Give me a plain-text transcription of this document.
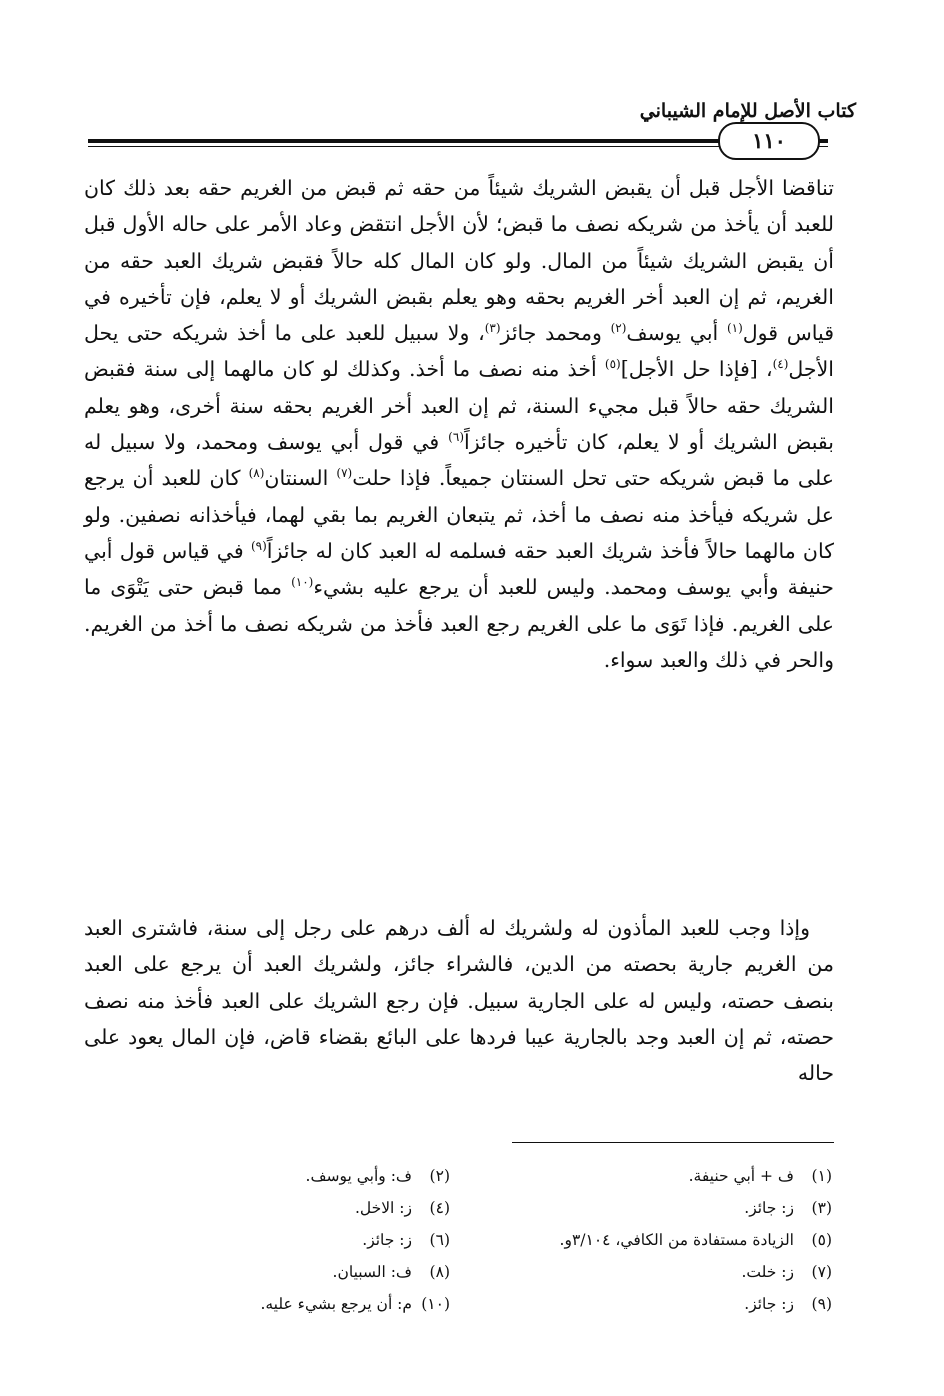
كتاب الأصل للإمام الشيباني
١١٠
تناقضا الأجل قبل أن يقبض الشريك شيئاً من حقه ثم قبض من الغريم حقه بعد ذلك كان للعبد أن يأخذ من شريكه نصف ما قبض؛ لأن الأجل انتقض وعاد الأمر على حاله الأول قبل أن يقبض الشريك شيئاً من المال. ولو كان المال كله حالاً فقبض شريك العبد حقه من الغريم، ثم إن العبد أخر الغريم بحقه وهو يعلم بقبض الشريك أو لا يعلم، فإن تأخيره في قياس قول$^{(١)}$ أبي يوسف$^{(٢)}$ ومحمد جائز$^{(٣)}$، ولا سبيل للعبد على ما أخذ شريكه حتى يحل الأجل$^{(٤)}$، [فإذا حل الأجل]$^{(٥)}$ أخذ منه نصف ما أخذ. وكذلك لو كان مالهما إلى سنة فقبض الشريك حقه حالاً قبل مجيء السنة، ثم إن العبد أخر الغريم بحقه سنة أخرى، وهو يعلم بقبض الشريك أو لا يعلم، كان تأخيره جائزاً$^{(٦)}$ في قول أبي يوسف ومحمد، ولا سبيل له على ما قبض شريكه حتى تحل السنتان جميعاً. فإذا حلت$^{(٧)}$ السنتان$^{(٨)}$ كان للعبد أن يرجع عل شريكه فيأخذ منه نصف ما أخذ، ثم يتبعان الغريم بما بقي لهما، فيأخذانه نصفين. ولو كان مالهما حالاً فأخذ شريك العبد حقه فسلمه له العبد كان له جائزاً$^{(٩)}$ في قياس قول أبي حنيفة وأبي يوسف ومحمد. وليس للعبد أن يرجع عليه بشيء$^{(١٠)}$ مما قبض حتى يَتْوَى ما على الغريم. فإذا تَوَى ما على الغريم رجع العبد فأخذ من شريكه نصف ما أخذ من الغريم. والحر في ذلك والعبد سواء.
وإذا وجب للعبد المأذون له ولشريك له ألف درهم على رجل إلى سنة، فاشترى العبد من الغريم جارية بحصته من الدين، فالشراء جائز، ولشريك العبد أن يرجع على العبد بنصف حصته، وليس له على الجارية سبيل. فإن رجع الشريك على العبد فأخذ منه نصف حصته، ثم إن العبد وجد بالجارية عيبا فردها على البائع بقضاء قاض، فإن المال يعود على حاله
(١)ف + أبي حنيفة.
(٣)ز: جائز.
(٥)الزيادة مستفادة من الكافي، ٣/١٠٤و.
(٧)ز: خلت.
(٩)ز: جائز.
(٢)ف: وأبي يوسف.
(٤)ز: الاخل.
(٦)ز: جائز.
(٨)ف: السبيان.
(١٠)م: أن يرجع بشيء عليه.
